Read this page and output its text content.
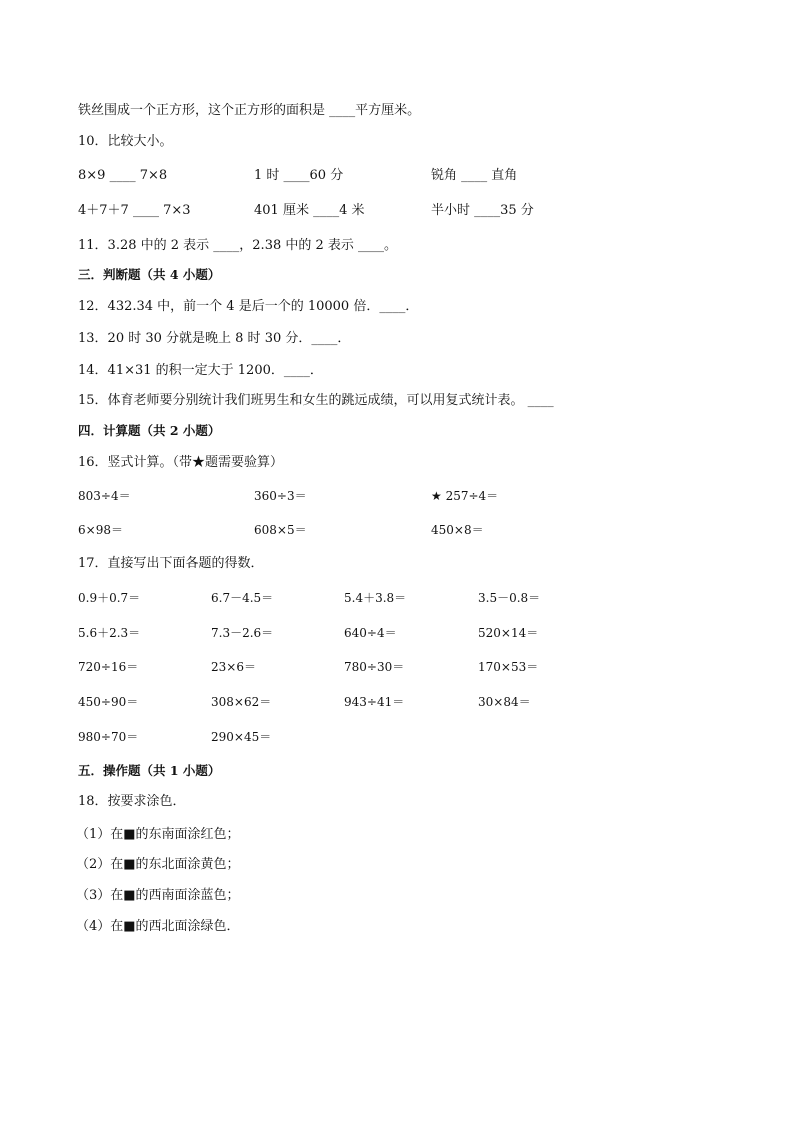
铁丝围成一个正方形，这个正方形的面积是 ____平方厘米。
10．比较大小。
8×9 ____ 7×8	1 时 ____60 分	锐角 ____ 直角
4＋7＋7 ____ 7×3	401 厘米 ____4 米	半小时 ____35 分
11．3.28 中的 2 表示 ____，2.38 中的 2 表示 ____。
三．判断题（共 4 小题）
12．432.34 中，前一个 4 是后一个的 10000 倍．____．
13．20 时 30 分就是晚上 8 时 30 分．____．
14．41×31 的积一定大于 1200．____．
15．体育老师要分别统计我们班男生和女生的跳远成绩，可以用复式统计表。 ____
四．计算题（共 2 小题）
16．竖式计算。（带★题需要验算）
803÷4＝	360÷3＝	★ 257÷4＝
6×98＝	608×5＝	450×8＝
17．直接写出下面各题的得数．
0.9＋0.7＝	6.7－4.5＝	5.4＋3.8＝	3.5－0.8＝
5.6＋2.3＝	7.3－2.6＝	640÷4＝	520×14＝
720÷16＝	23×6＝	780÷30＝	170×53＝
450÷90＝	308×62＝	943÷41＝	30×84＝
980÷70＝	290×45＝
五．操作题（共 1 小题）
18．按要求涂色．
（1）在■的东南面涂红色；
（2）在■的东北面涂黄色；
（3）在■的西南面涂蓝色；
（4）在■的西北面涂绿色．
